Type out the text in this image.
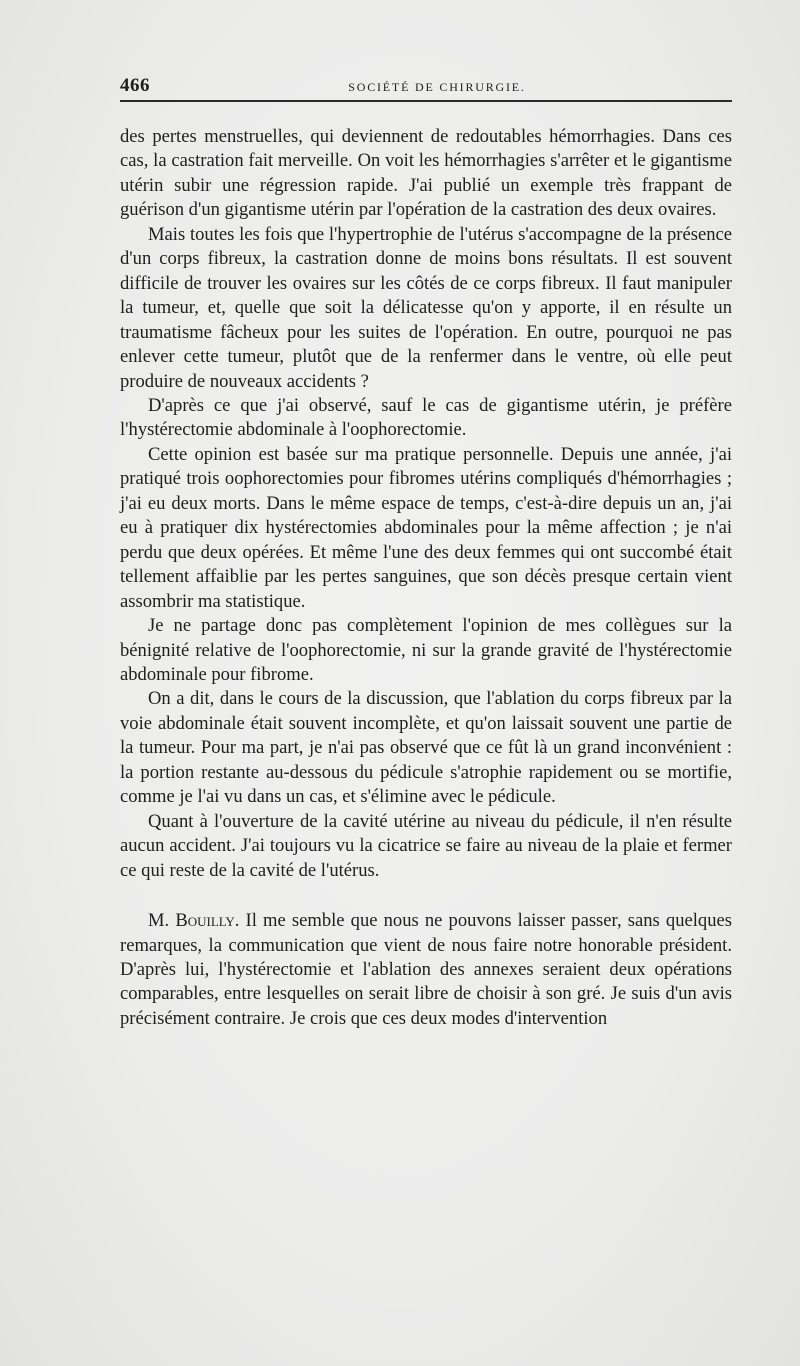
466	SOCIÉTÉ DE CHIRURGIE.

des pertes menstruelles, qui deviennent de redoutables hémorrhagies. Dans ces cas, la castration fait merveille. On voit les hémorrhagies s'arrêter et le gigantisme utérin subir une régression rapide. J'ai publié un exemple très frappant de guérison d'un gigantisme utérin par l'opération de la castration des deux ovaires.

Mais toutes les fois que l'hypertrophie de l'utérus s'accompagne de la présence d'un corps fibreux, la castration donne de moins bons résultats. Il est souvent difficile de trouver les ovaires sur les côtés de ce corps fibreux. Il faut manipuler la tumeur, et, quelle que soit la délicatesse qu'on y apporte, il en résulte un traumatisme fâcheux pour les suites de l'opération. En outre, pourquoi ne pas enlever cette tumeur, plutôt que de la renfermer dans le ventre, où elle peut produire de nouveaux accidents ?

D'après ce que j'ai observé, sauf le cas de gigantisme utérin, je préfère l'hystérectomie abdominale à l'oophorectomie.

Cette opinion est basée sur ma pratique personnelle. Depuis une année, j'ai pratiqué trois oophorectomies pour fibromes utérins compliqués d'hémorrhagies ; j'ai eu deux morts. Dans le même espace de temps, c'est-à-dire depuis un an, j'ai eu à pratiquer dix hystérectomies abdominales pour la même affection ; je n'ai perdu que deux opérées. Et même l'une des deux femmes qui ont succombé était tellement affaiblie par les pertes sanguines, que son décès presque certain vient assombrir ma statistique.

Je ne partage donc pas complètement l'opinion de mes collègues sur la bénignité relative de l'oophorectomie, ni sur la grande gravité de l'hystérectomie abdominale pour fibrome.

On a dit, dans le cours de la discussion, que l'ablation du corps fibreux par la voie abdominale était souvent incomplète, et qu'on laissait souvent une partie de la tumeur. Pour ma part, je n'ai pas observé que ce fût là un grand inconvénient : la portion restante au-dessous du pédicule s'atrophie rapidement ou se mortifie, comme je l'ai vu dans un cas, et s'élimine avec le pédicule.

Quant à l'ouverture de la cavité utérine au niveau du pédicule, il n'en résulte aucun accident. J'ai toujours vu la cicatrice se faire au niveau de la plaie et fermer ce qui reste de la cavité de l'utérus.

M. Bouilly. Il me semble que nous ne pouvons laisser passer, sans quelques remarques, la communication que vient de nous faire notre honorable président. D'après lui, l'hystérectomie et l'ablation des annexes seraient deux opérations comparables, entre lesquelles on serait libre de choisir à son gré. Je suis d'un avis précisément contraire. Je crois que ces deux modes d'intervention
